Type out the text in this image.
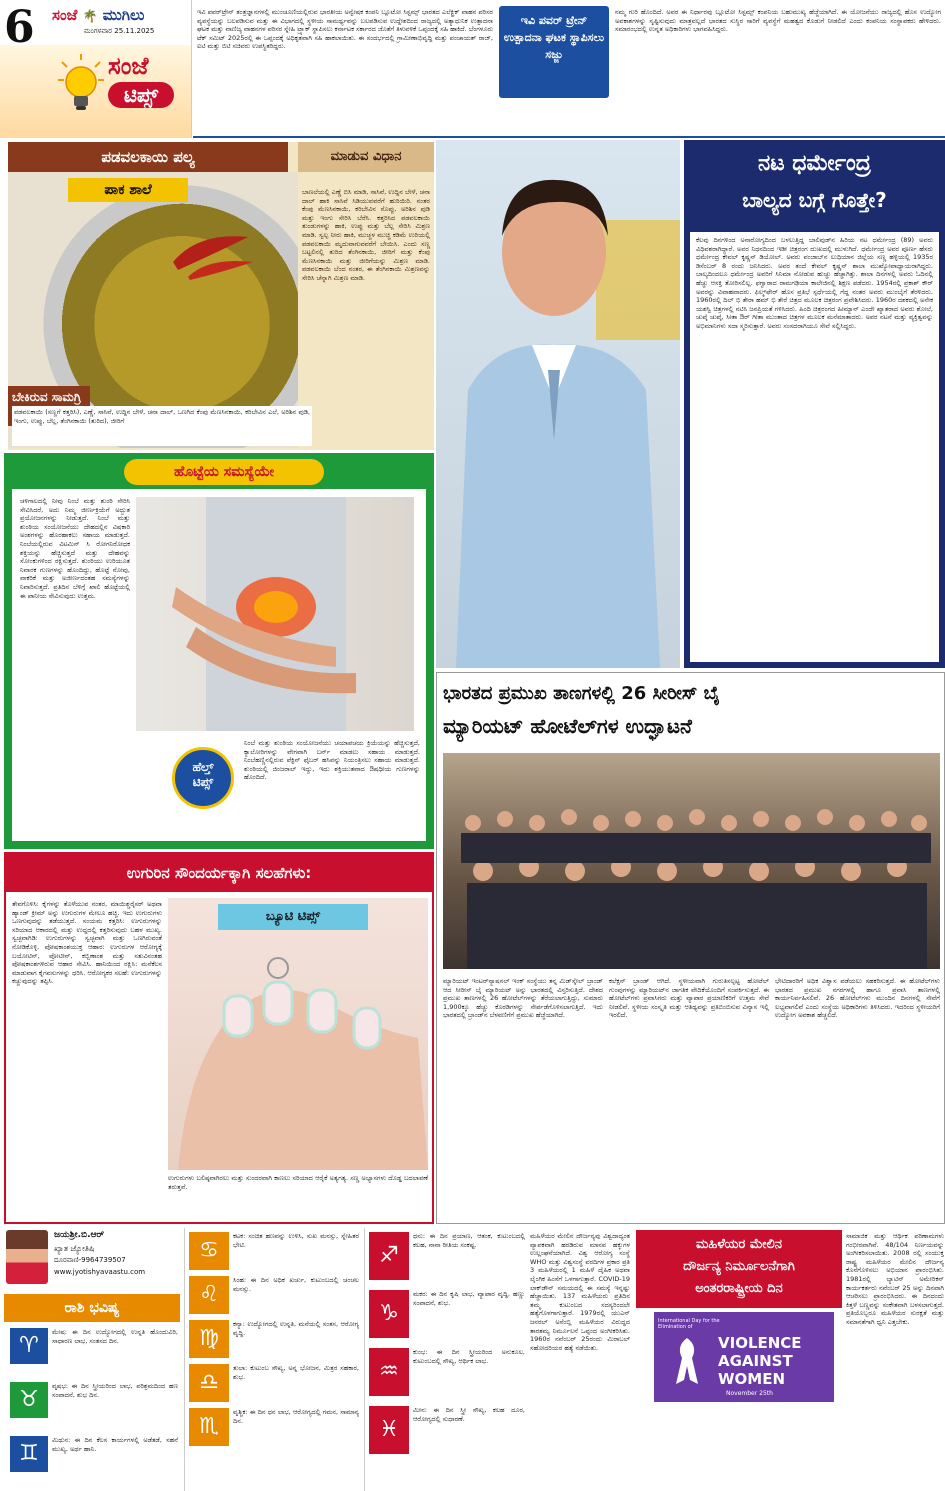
6 ಸಂಜೆ 🌴 ಮುಗಿಲು
ಮಂಗಳವಾರ 25.11.2025
ಸಂಜೆ
ಟಿಪ್ಸ್
ಇವಿ ಪವರ್‌ಟ್ರೇನ್ ತಂತ್ರಜ್ಞಾನಗಳಲ್ಲಿ ಮುಂಚೂಣಿಯಲ್ಲಿರುವ ಭಾರತೀಯ ಅನ್ವೇಷಕ ಕಂಪನಿ ಬ್ಲೂಟೋ ಸಿಸ್ಟಮ್ಸ್ ಭಾರತದ ಎಲೆಕ್ಟ್ರಿಕ್ ವಾಹನ ಪರಿಸರ ವ್ಯವಸ್ಥೆಯನ್ನು ಬಲಪಡಿಸುವ ಮತ್ತು ಈ ವಿಭಾಗದಲ್ಲಿ ಸ್ಥಳೀಯ ಸಾಮರ್ಥ್ಯವನ್ನು ಬಲಪಡಿಸುವ ಉದ್ದೇಶದಿಂದ ರಾಜ್ಯದಲ್ಲಿ ಅತ್ಯಾಧುನಿಕ ಉತ್ಪಾದನಾ ಘಟಕ ಮತ್ತು ವಾಣಿಜ್ಯ ವಾಹನಗಳ ಪರಿಸರ ಸ್ನೇಹಿ ಟ್ರ್ಯಾಕ್ ಸ್ಥಾಪಿಸಲು ಕರ್ನಾಟಕ ಸರ್ಕಾರದ ಜೊತೆಗೆ ತಿಳುವಳಿಕೆ ಒಪ್ಪಂದಕ್ಕೆ ಸಹಿ ಹಾಕಿದೆ. ಬೆಂಗಳೂರು ಟೆಕ್ ಸಮಿಟ್ 2025ರಲ್ಲಿ ಈ ಒಪ್ಪಂದಕ್ಕೆ ಅಧಿಕೃತವಾಗಿ ಸಹಿ ಹಾಕಲಾಯಿತು. ಈ ಸಂದರ್ಭದಲ್ಲಿ ಗ್ರಾಮೀಣಾಭಿವೃದ್ಧಿ ಮತ್ತು ಪಂಚಾಯತ್ ರಾಜ್, ಐಟಿ ಮತ್ತು ಬಿಟಿ ಸಚಿವರು ಉಪಸ್ಥಿತರಿದ್ದರು.
ಇವಿ ಪವರ್ ಟ್ರೇನ್ ಉತ್ಪಾದನಾ ಘಟಕ ಸ್ಥಾಪಿಸಲು ಸಜ್ಜು
ನಮ್ಮ ಗುರಿ ಹೊಂದಿದೆ. ಅವರ ಈ ನಿರ್ಧಾರವು ಬ್ಲೂಟೋ ಸಿಸ್ಟಮ್ಸ್ ಕಂಪನಿಯ ಬಹುಮುಖ್ಯ ಹೆಜ್ಜೆಯಾಗಿದೆ. ಈ ಯೋಜನೆಯು ರಾಜ್ಯದಲ್ಲಿ ಹೊಸ ಉದ್ಯೋಗ ಅವಕಾಶಗಳನ್ನು ಸೃಷ್ಟಿಸುವುದು ಮಾತ್ರವಲ್ಲದೆ ಭಾರತದ ಸುಸ್ಥಿರ ಸಾರಿಗೆ ವ್ಯವಸ್ಥೆಗೆ ಮಹತ್ವದ ಕೊಡುಗೆ ನೀಡಲಿದೆ ಎಂದು ಕಂಪನಿಯ ಸಂಸ್ಥಾಪಕರು ಹೇಳಿದರು. ಸಮಾರಂಭದಲ್ಲಿ ಉನ್ನತ ಅಧಿಕಾರಿಗಳು ಭಾಗವಹಿಸಿದ್ದರು.
ಪಡವಲಕಾಯಿ ಪಲ್ಯ
ಪಾಕ ಶಾಲೆ
ಬೇಕಿರುವ ಸಾಮಗ್ರಿ
ಮಾಡುವ ವಿಧಾನ
ಬಾಣಲೆಯಲ್ಲಿ ಎಣ್ಣೆ ಬಿಸಿ ಮಾಡಿ, ಸಾಸಿವೆ, ಉದ್ದಿನ ಬೇಳೆ, ಚನಾ ದಾಲ್ ಹಾಕಿ ಸಾಸಿವೆ ಸಿಡಿಯುವವರೆಗೆ ಹುರಿಯಿರಿ. ನಂತರ ಕೆಂಪು ಮೆಣಸಿನಕಾಯಿ, ಕರಿಬೇವಿನ ಸೊಪ್ಪು, ಅರಿಶಿನ ಪುಡಿ ಮತ್ತು ಇಂಗು ಸೇರಿಸಿ ಬೆರೆಸಿ. ಕತ್ತರಿಸಿದ ಪಡವಲಕಾಯಿ ತುಂಡುಗಳನ್ನು ಹಾಕಿ, ಉಪ್ಪು ಮತ್ತು ಬೆಲ್ಲ ಸೇರಿಸಿ ಮಿಶ್ರಣ ಮಾಡಿ. ಸ್ವಲ್ಪ ನೀರು ಹಾಕಿ, ಮುಚ್ಚಳ ಮುಚ್ಚಿ ಕಡಿಮೆ ಉರಿಯಲ್ಲಿ ಪಡವಲಕಾಯಿ ಮೃದುವಾಗುವವರೆಗೆ ಬೇಯಿಸಿ. ಎಂದು ಸಣ್ಣ ಬಟ್ಟಲಿನಲ್ಲಿ ತುರಿದ ತೆಂಗಿನಕಾಯಿ, ಜೀರಿಗೆ ಮತ್ತು ಕೆಂಪು ಮೆಣಸಿನಕಾಯಿ ಮತ್ತು ಜೀರಿಗೆಯನ್ನು ಮಿಶ್ರಣ ಮಾಡಿ. ಪಡವಲಕಾಯಿ ಬೆಂದ ನಂತರ, ಈ ತೆಂಗಿನಕಾಯಿ ಮಿಶ್ರಣವನ್ನು ಸೇರಿಸಿ ಚೆನ್ನಾಗಿ ಮಿಶ್ರಣ ಮಾಡಿ.
ಪಡವಲಕಾಯಿ (ಸಣ್ಣಗೆ ಕತ್ತರಿಸಿ), ಎಣ್ಣೆ, ಸಾಸಿವೆ, ಉದ್ದಿನ ಬೇಳೆ, ಚನಾ ದಾಲ್, ಒಣಗಿದ ಕೆಂಪು ಮೆಣಸಿನಕಾಯಿ, ಕರಿಬೇವಿನ ಎಲೆ, ಅರಿಶಿನ ಪುಡಿ, ಇಂಗು, ಉಪ್ಪು, ಬೆಲ್ಲ, ತೆಂಗಿನಕಾಯಿ (ತುರಿದ), ಜೀರಿಗೆ
ನಟ ಧರ್ಮೇಂದ್ರ
ಬಾಲ್ಯದ ಬಗ್ಗೆ ಗೊತ್ತೇ?
ಕೆಲವು ದಿನಗಳಿಂದ ಅನಾರೋಗ್ಯದಿಂದ ಬಳಲುತ್ತಿದ್ದ ಬಾಲಿವುಡ್‌ನ ಹಿರಿಯ ನಟ ಧರ್ಮೇಂದ್ರ (89) ಅವರು ವಿಧಿವಶರಾಗಿದ್ದಾರೆ. ಅವರ ನಿಧನದಿಂದ ಇಡೀ ಚಿತ್ರರಂಗ ದುಃಖದಲ್ಲಿ ಮುಳುಗಿದೆ. ಧರ್ಮೇಂದ್ರ ಅವರ ಪೂರ್ಣ ಹೆಸರು ಧರ್ಮೇಂದ್ರ ಕೇವಲ್ ಕೃಷ್ಣನ್ ಡಿಯೋಲ್. ಅವರು ಪಂಜಾಬ್‌ನ ಲುಧಿಯಾನ ಜಿಲ್ಲೆಯ ಸಣ್ಣ ಹಳ್ಳಿಯಲ್ಲಿ 1935ರ ಡಿಸೆಂಬರ್ 8 ರಂದು ಜನಿಸಿದರು. ಅವರ ತಂದೆ ಕೇವಲ್ ಕೃಷ್ಣನ್ ಶಾಲಾ ಮುಖ್ಯೋಪಾಧ್ಯಾಯರಾಗಿದ್ದರು. ಬಾಲ್ಯದಿಂದಲೂ ಧರ್ಮೇಂದ್ರ ಅವರಿಗೆ ಸಿನಿಮಾ ನೋಡುವ ಹುಚ್ಚು ಹೆಚ್ಚಾಗಿತ್ತು. ಶಾಲಾ ದಿನಗಳಲ್ಲಿ ಅವರು ಓದಿನಲ್ಲಿ ಹೆಚ್ಚು ಆಸಕ್ತಿ ತೋರಿಸಲಿಲ್ಲ. ಫಗ್ವಾರಾದ ರಾಮಗಢಿಯಾ ಕಾಲೇಜಿನಲ್ಲಿ ಶಿಕ್ಷಣ ಪಡೆದರು. 1954ರಲ್ಲಿ ಪ್ರಕಾಶ್ ಕೌರ್ ಅವರನ್ನು ವಿವಾಹವಾದರು. ಫಿಲ್ಮ್‌ಫೇರ್ ಹೊಸ ಪ್ರತಿಭೆ ಸ್ಪರ್ಧೆಯಲ್ಲಿ ಗೆದ್ದ ನಂತರ ಅವರು ಮುಂಬೈಗೆ ತೆರಳಿದರು. 1960ರಲ್ಲಿ ದಿಲ್ ಭಿ ತೇರಾ ಹಮ್ ಭಿ ತೇರೆ ಚಿತ್ರದ ಮೂಲಕ ಚಿತ್ರರಂಗ ಪ್ರವೇಶಿಸಿದರು. 1960ರ ದಶಕದಲ್ಲಿ ಅನೇಕ ಯಶಸ್ವಿ ಚಿತ್ರಗಳಲ್ಲಿ ನಟಿಸಿ ಜನಪ್ರಿಯತೆ ಗಳಿಸಿದರು. ಹಿಂದಿ ಚಿತ್ರರಂಗದ ಹೀಮ್ಯಾನ್ ಎಂದೇ ಖ್ಯಾತರಾದ ಅವರು ಶೋಲೆ, ಚುಪ್ಕೆ ಚುಪ್ಕೆ, ಸೀತಾ ಔರ್ ಗೀತಾ ಮುಂತಾದ ಚಿತ್ರಗಳ ಮೂಲಕ ಮನೆಮಾತಾದರು. ಅವರ ನಟನೆ ಮತ್ತು ವ್ಯಕ್ತಿತ್ವವನ್ನು ಅಭಿಮಾನಿಗಳು ಸದಾ ಸ್ಮರಿಸುತ್ತಾರೆ. ಅವರು ಸಂಸದರಾಗಿಯೂ ಸೇವೆ ಸಲ್ಲಿಸಿದ್ದರು.
ಹೊಟ್ಟೆಯ ಸಮಸ್ಯೆಯೇ
ಚಳಿಗಾಲದಲ್ಲಿ ನೀವು ನಿಂಬೆ ಮತ್ತು ಶುಂಠಿ ಸೇರಿಸಿ ಸೇವಿಸಿದರೆ, ಅದು ನಿಮ್ಮ ಜೀರ್ಣಕ್ರಿಯೆಗೆ ಅದ್ಭುತ ಪ್ರಯೋಜನಗಳನ್ನು ನೀಡುತ್ತದೆ. ನಿಂಬೆ ಮತ್ತು ಶುಂಠಿಯ ಸಂಯೋಜನೆಯು ದೇಹದಲ್ಲಿನ ವಿಷಕಾರಿ ಅಂಶಗಳನ್ನು ಹೊರಹಾಕಲು ಸಹಾಯ ಮಾಡುತ್ತದೆ. ನಿಂಬೆಯಲ್ಲಿರುವ ವಿಟಮಿನ್ ಸಿ ರೋಗನಿರೋಧಕ ಶಕ್ತಿಯನ್ನು ಹೆಚ್ಚಿಸುತ್ತದೆ ಮತ್ತು ದೇಹವನ್ನು ಸೋಂಕುಗಳಿಂದ ರಕ್ಷಿಸುತ್ತದೆ. ಶುಂಠಿಯು ಉರಿಯೂತ ನಿವಾರಕ ಗುಣಗಳನ್ನು ಹೊಂದಿದ್ದು, ಹೊಟ್ಟೆ ನೋವು, ವಾಕರಿಕೆ ಮತ್ತು ಅಜೀರ್ಣದಂತಹ ಸಮಸ್ಯೆಗಳನ್ನು ನಿವಾರಿಸುತ್ತದೆ. ಪ್ರತಿದಿನ ಬೆಳಿಗ್ಗೆ ಖಾಲಿ ಹೊಟ್ಟೆಯಲ್ಲಿ ಈ ಪಾನೀಯ ಸೇವಿಸುವುದು ಉತ್ತಮ.
ನಿಂಬೆ ಮತ್ತು ಶುಂಠಿಯ ಸಂಯೋಜನೆಯು ಚಯಾಪಚಯ ಕ್ರಿಯೆಯನ್ನು ಹೆಚ್ಚಿಸುತ್ತದೆ, ಕ್ಯಾಲೋರಿಗಳನ್ನು ವೇಗವಾಗಿ ಬರ್ನ್ ಮಾಡಲು ಸಹಾಯ ಮಾಡುತ್ತದೆ. ನಿಂಬೆಹಣ್ಣಿನಲ್ಲಿರುವ ಪೆಕ್ಟಿನ್ ಫೈಬರ್ ಹಸಿವನ್ನು ನಿಯಂತ್ರಿಸಲು ಸಹಾಯ ಮಾಡುತ್ತದೆ. ಶುಂಠಿಯಲ್ಲಿ ಜಿಂಜರಾಲ್ ಇದ್ದು, ಇದು ಶಕ್ತಿಯುತವಾದ ಔಷಧೀಯ ಗುಣಗಳನ್ನು ಹೊಂದಿದೆ.
ಹೆಲ್ತ್
ಟಿಪ್ಸ್
ಭಾರತದ ಪ್ರಮುಖ ತಾಣಗಳಲ್ಲಿ 26 ಸೀರೀಸ್ ಬೈ
ಮ್ಯಾರಿಯಟ್ ಹೋಟೆಲ್‌ಗಳ ಉದ್ಘಾಟನೆ
ಮ್ಯಾರಿಯಟ್ ಇಂಟರ್‌ನ್ಯಾಷನಲ್ ಇಂಕ್ ಸಂಸ್ಥೆಯು ತನ್ನ ಮಿಡ್‌ಸ್ಕೇಲ್ ಬ್ರಾಂಡ್ ಆದ ಸೀರೀಸ್ ಬೈ ಮ್ಯಾರಿಯಟ್ ಅನ್ನು ಭಾರತದಲ್ಲಿ ವಿಸ್ತರಿಸುತ್ತಿದೆ. ದೇಶದ ಪ್ರಮುಖ ತಾಣಗಳಲ್ಲಿ 26 ಹೋಟೆಲ್‌ಗಳನ್ನು ತೆರೆಯಲಾಗುತ್ತಿದ್ದು, ಸುಮಾರು 1,900ಕ್ಕೂ ಹೆಚ್ಚು ಕೊಠಡಿಗಳನ್ನು ಸೇರ್ಪಡೆಗೊಳಿಸಲಾಗುತ್ತಿದೆ. ಇದು ಭಾರತದಲ್ಲಿ ಬ್ರಾಂಡ್‌ನ ಬೆಳವಣಿಗೆಗೆ ಪ್ರಮುಖ ಹೆಜ್ಜೆಯಾಗಿದೆ.
ಕಲೆಕ್ಷನ್ ಬ್ರಾಂಡ್ ಆಗಿದೆ. ಸ್ಥಳೀಯವಾಗಿ ಗುರುತಿಸಲ್ಪಟ್ಟ ಹೋಟೆಲ್ ಗುಂಪುಗಳನ್ನು ಮ್ಯಾರಿಯಟ್‌ನ ಜಾಗತಿಕ ವೇದಿಕೆಯೊಂದಿಗೆ ಸಂಪರ್ಕಿಸುತ್ತದೆ. ಈ ಹೋಟೆಲ್‌ಗಳು ಪ್ರವಾಸಿಗರು ಮತ್ತು ವ್ಯಾಪಾರ ಪ್ರಯಾಣಿಕರಿಗೆ ಉತ್ತಮ ಸೇವೆ ನೀಡಲಿವೆ. ಸ್ಥಳೀಯ ಸಂಸ್ಕೃತಿ ಮತ್ತು ಆತಿಥ್ಯವನ್ನು ಪ್ರತಿಬಿಂಬಿಸುವ ವಿನ್ಯಾಸ ಇಲ್ಲಿ ಇರಲಿದೆ.
ಭೇಟಿದಾರರಿಗೆ ಅಧಿಕ ವಿಶ್ವಾಸ ಪಡೆಯಲು ಸಹಕರಿಸುತ್ತದೆ. ಈ ಹೋಟೆಲ್‌ಗಳು ಭಾರತದ ಪ್ರಮುಖ ನಗರಗಳಲ್ಲಿ ಹಾಗೂ ಪ್ರವಾಸಿ ತಾಣಗಳಲ್ಲಿ ಕಾರ್ಯನಿರ್ವಹಿಸಲಿವೆ. 26 ಹೋಟೆಲ್‌ಗಳು ಮುಂದಿನ ದಿನಗಳಲ್ಲಿ ಸೇವೆಗೆ ಲಭ್ಯವಾಗಲಿವೆ ಎಂದು ಸಂಸ್ಥೆಯ ಅಧಿಕಾರಿಗಳು ತಿಳಿಸಿದರು. ಇದರಿಂದ ಸ್ಥಳೀಯರಿಗೆ ಉದ್ಯೋಗ ಅವಕಾಶ ಹೆಚ್ಚಲಿದೆ.
ಉಗುರಿನ ಸೌಂದರ್ಯಕ್ಕಾಗಿ ಸಲಹೆಗಳು:
ತೇವಗೊಳಿಸಿ: ಕೈಗಳನ್ನು ತೊಳೆಯುವ ನಂತರ, ಮಾಯಿಶ್ಚರೈಸರ್ ಅಥವಾ ಹ್ಯಾಂಡ್ ಕ್ರೀಮ್ ಅನ್ನು ಉಗುರುಗಳ ಮೇಲೂ ಹಚ್ಚಿ. ಇದು ಉಗುರುಗಳು ಒಣಗುವುದನ್ನು ತಡೆಯುತ್ತದೆ. ಸಂಯಮ ಕತ್ತರಿಸಿ: ಉಗುರುಗಳನ್ನು ಸರಿಯಾದ ಆಕಾರದಲ್ಲಿ ಮತ್ತು ಉದ್ದದಲ್ಲಿ ಕತ್ತರಿಸುವುದು ಬಹಳ ಮುಖ್ಯ. ಸ್ವಚ್ಛವಾಗಿಡಿ: ಉಗುರುಗಳನ್ನು ಸ್ವಚ್ಛವಾಗಿ ಮತ್ತು ಒಣಗಿರುವಂತೆ ನೋಡಿಕೊಳ್ಳಿ. ಪೋಷಕಾಂಶಯುಕ್ತ ಆಹಾರ: ಉಗುರುಗಳ ಆರೋಗ್ಯಕ್ಕೆ ಬಯೋಟಿನ್, ಪ್ರೋಟೀನ್, ಕಬ್ಬಿಣಾಂಶ ಮತ್ತು ಸತುವಿನಂತಹ ಪೋಷಕಾಂಶಗಳಿರುವ ಆಹಾರ ಸೇವಿಸಿ. ಹಾನಿಯಿಂದ ರಕ್ಷಿಸಿ: ಮನೆಕೆಲಸ ಮಾಡುವಾಗ ಕೈಗವಸುಗಳನ್ನು ಧರಿಸಿ. ಆರೋಗ್ಯಕರ ಸಲಹೆ: ಉಗುರುಗಳನ್ನು ಕಚ್ಚುವುದನ್ನು ತಪ್ಪಿಸಿ.
ಬ್ಯೂಟಿ ಟಿಪ್ಸ್
ಉಗುರುಗಳು ಬಲಿಷ್ಠವಾಗಿರಲು ಮತ್ತು ಸುಂದರವಾಗಿ ಕಾಣಲು ಸರಿಯಾದ ಆರೈಕೆ ಅತ್ಯಗತ್ಯ. ಸಣ್ಣ ಅಭ್ಯಾಸಗಳು ದೊಡ್ಡ ಬದಲಾವಣೆ ತರುತ್ತವೆ.
ಜಯಶ್ರೀ.ಬಿ.ಆರ್
ಖ್ಯಾತ ಜ್ಯೋತಿಷಿ
ದೂರವಾಣಿ-9964739507
www.jyotishyavaastu.com
ರಾಶಿ ಭವಿಷ್ಯ
♈
ಮೇಷ: ಈ ದಿನ ಉದ್ಯೋಗದಲ್ಲಿ ಉನ್ನತಿ ಹೊಂದುವಿರಿ, ಸಾಧಾರಣ ಲಾಭ, ಸಂತಸದ ದಿನ.
♉
ವೃಷಭ: ಈ ದಿನ ಸ್ತ್ರೀಯರಿಂದ ಲಾಭ, ಪರಿಶ್ರಮದಿಂದ ಹಣ ಸಂಪಾದನೆ, ಶುಭ ದಿನ.
♊
ಮಿಥುನ: ಈ ದಿನ ಕೆಲಸ ಕಾರ್ಯಗಳಲ್ಲಿ ಅಡೆತಡೆ, ಸಹನೆ ಮುಖ್ಯ, ಅರ್ಥ ಹಾನಿ.
♋
ಕಟಕ: ಸಂಚಿತ ಹಣವನ್ನು ಉಳಿಸಿ, ಸುಖ ಮನಸ್ಸು, ಸ್ನೇಹಿತರ ಭೇಟಿ.
♌
ಸಿಂಹ: ಈ ದಿನ ಅಧಿಕ ಖರ್ಚು, ಕುಟುಂಬದಲ್ಲಿ ಚಂಚಲ ಮನಸ್ಸು.
♍
ಕನ್ಯಾ: ಉದ್ಯೋಗದಲ್ಲಿ ಉನ್ನತಿ, ಮನೆಯಲ್ಲಿ ಸಂತಸ, ಆರೋಗ್ಯ ವೃದ್ಧಿ.
♎
ತುಲಾ: ಕುಟುಂಬ ಸೌಖ್ಯ, ಅನ್ನ ಭೋಜನ, ಮಿತ್ರರ ಸಹಕಾರ, ಶುಭ.
♏
ವೃಶ್ಚಿಕ: ಈ ದಿನ ಧನ ಲಾಭ, ಆರೋಗ್ಯದಲ್ಲಿ ಗಮನ, ಸಾಮಾನ್ಯ ದಿನ.
♐
ಧನು: ಈ ದಿನ ಪ್ರಯಾಣ, ಆತಂಕ, ಕುಟುಂಬದಲ್ಲಿ ಕಲಹ, ನಾನಾ ರೀತಿಯ ಸಂಕಷ್ಟ.
♑
ಮಕರ: ಈ ದಿನ ಕೃಷಿ ಲಾಭ, ವ್ಯಾಪಾರ ವೃದ್ಧಿ, ಹಣ್ಣು ಸಂಪಾದನೆ, ಶುಭ.
♒
ಕುಂಭ: ಈ ದಿನ ಸ್ತ್ರೀಯರಿಂದ ಅನುಕೂಲ, ಕುಟುಂಬದಲ್ಲಿ ಸೌಖ್ಯ, ಆರ್ಥಿಕ ಲಾಭ.
♓
ಮೀನ: ಈ ದಿನ ಸ್ತ್ರೀ ಸೌಖ್ಯ, ಕಲಹ ದೂರ, ಆರೋಗ್ಯದಲ್ಲಿ ಸುಧಾರಣೆ.
ಮಹಿಳೆಯರ ಮೇಲಿನ ದೌರ್ಜನ್ಯವು ವಿಶ್ವದಾದ್ಯಂತ ವ್ಯಾಪಕವಾಗಿ ಹರಡಿರುವ ಮಾನವ ಹಕ್ಕುಗಳ ಉಲ್ಲಂಘನೆಯಾಗಿದೆ. ವಿಶ್ವ ಆರೋಗ್ಯ ಸಂಸ್ಥೆ WHO ಮತ್ತು ವಿಶ್ವಸಂಸ್ಥೆ ವರದಿಗಳ ಪ್ರಕಾರ ಪ್ರತಿ 3 ಮಹಿಳೆಯರಲ್ಲಿ 1 ಮಹಿಳೆ ದೈಹಿಕ ಅಥವಾ ಲೈಂಗಿಕ ಹಿಂಸೆಗೆ ಒಳಗಾಗುತ್ತಾರೆ. COVID-19 ಲಾಕ್‌ಡೌನ್ ಸಮಯದಲ್ಲಿ ಈ ಸಮಸ್ಯೆ ಇನ್ನಷ್ಟು ಹೆಚ್ಚಾಯಿತು. 137 ಮಹಿಳೆಯರು ಪ್ರತಿದಿನ ತಮ್ಮ ಕುಟುಂಬದ ಸದಸ್ಯರಿಂದಲೇ ಹತ್ಯೆಗೊಳಗಾಗುತ್ತಾರೆ. 1979ರಲ್ಲಿ ಯುಎನ್ ಜನರಲ್ ಅಸೆಂಬ್ಲಿ ಮಹಿಳೆಯರ ವಿರುದ್ಧದ ತಾರತಮ್ಯ ನಿರ್ಮೂಲನೆ ಒಪ್ಪಂದ ಅಂಗೀಕರಿಸಿತು. 1960ರ ನವೆಂಬರ್ 25ರಂದು ಮಿರಾಬಲ್ ಸಹೋದರಿಯರ ಹತ್ಯೆ ನಡೆಯಿತು.
ಮಹಿಳೆಯರ ಮೇಲಿನ
ದೌರ್ಜನ್ಯ ನಿರ್ಮೂಲನೆಗಾಗಿ
ಅಂತರರಾಷ್ಟ್ರೀಯ ದಿನ
International Day for the Elimination of
VIOLENCE
AGAINST
WOMEN
November 25th
ಸಾಮಾಜಿಕ ಮತ್ತು ಆರ್ಥಿಕ ಪರಿಣಾಮಗಳು ಗಂಭೀರವಾಗಿವೆ. 48/104 ನಿರ್ಣಯವನ್ನು ಅಂಗೀಕರಿಸಲಾಯಿತು. 2008 ರಲ್ಲಿ ಸಂಯುಕ್ತ ರಾಷ್ಟ್ರ ಮಹಿಳೆಯರ ಮೇಲಿನ ದೌರ್ಜನ್ಯ ಕೊನೆಗೊಳಿಸಲು ಅಭಿಯಾನ ಪ್ರಾರಂಭಿಸಿತು. 1981ರಲ್ಲಿ ಲ್ಯಾಟಿನ್ ಅಮೇರಿಕನ್ ಕಾರ್ಯಕರ್ತರು ನವೆಂಬರ್ 25 ಅನ್ನು ದಿನವಾಗಿ ಆಚರಿಸಲು ಪ್ರಾರಂಭಿಸಿದರು. ಈ ದಿನದಂದು ಕಿತ್ತಳೆ ಬಣ್ಣವನ್ನು ಸಂಕೇತವಾಗಿ ಬಳಸಲಾಗುತ್ತದೆ. ಪ್ರತಿಯೊಬ್ಬರೂ ಮಹಿಳೆಯರ ಸುರಕ್ಷತೆ ಮತ್ತು ಸಮಾನತೆಗಾಗಿ ಧ್ವನಿ ಎತ್ತಬೇಕು.
